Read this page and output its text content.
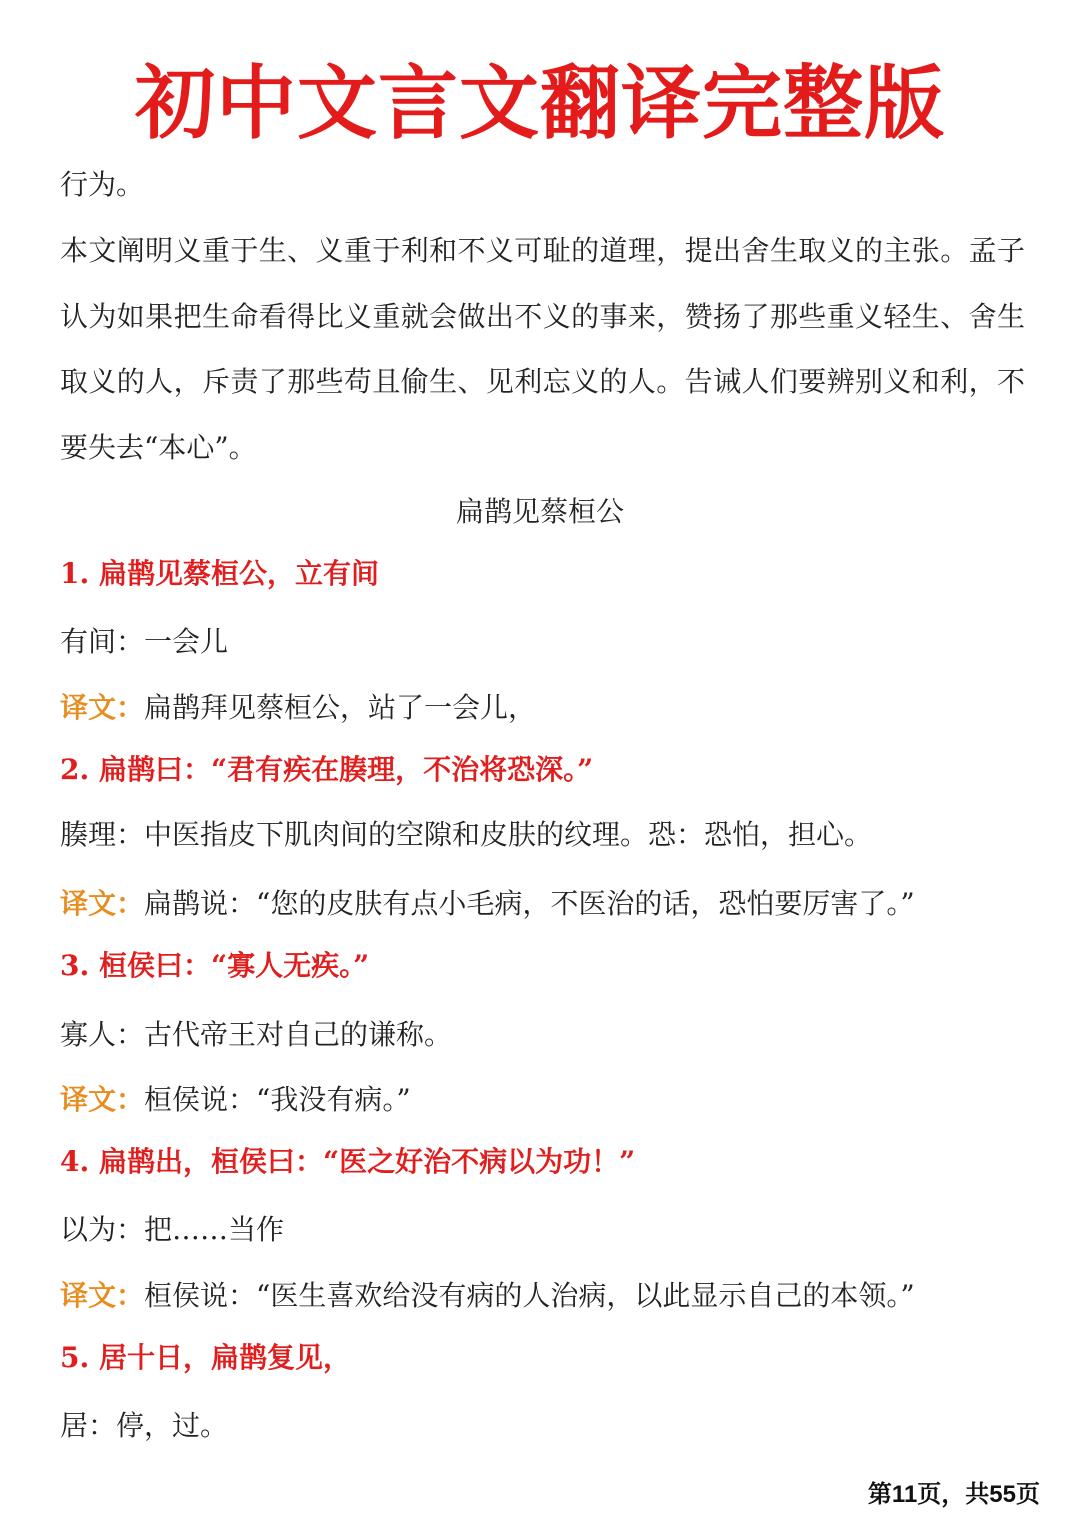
初中文言文翻译完整版
行为。

本文阐明义重于生、义重于利和不义可耻的道理，提出舍生取义的主张。孟子认为如果把生命看得比义重就会做出不义的事来，赞扬了那些重义轻生、舍生取义的人，斥责了那些苟且偷生、见利忘义的人。告诫人们要辨别义和利，不要失去“本心”。

扁鹊见蔡桓公
1. 扁鹊见蔡桓公，立有间
有间：一会儿
译文：扁鹊拜见蔡桓公，站了一会儿，
2. 扁鹊曰：“君有疾在腠理，不治将恐深。”
腠理：中医指皮下肌肉间的空隙和皮肤的纹理。恐：恐怕，担心。
译文：扁鹊说：“您的皮肤有点小毛病，不医治的话，恐怕要厉害了。”
3. 桓侯曰：“寡人无疾。”
寡人：古代帝王对自己的谦称。
译文：桓侯说：“我没有病。”
4. 扁鹊出，桓侯曰：“医之好治不病以为功！”
以为：把……当作
译文：桓侯说：“医生喜欢给没有病的人治病，以此显示自己的本领。”
5. 居十日，扁鹊复见，
居：停，过。
第11页，共55页
